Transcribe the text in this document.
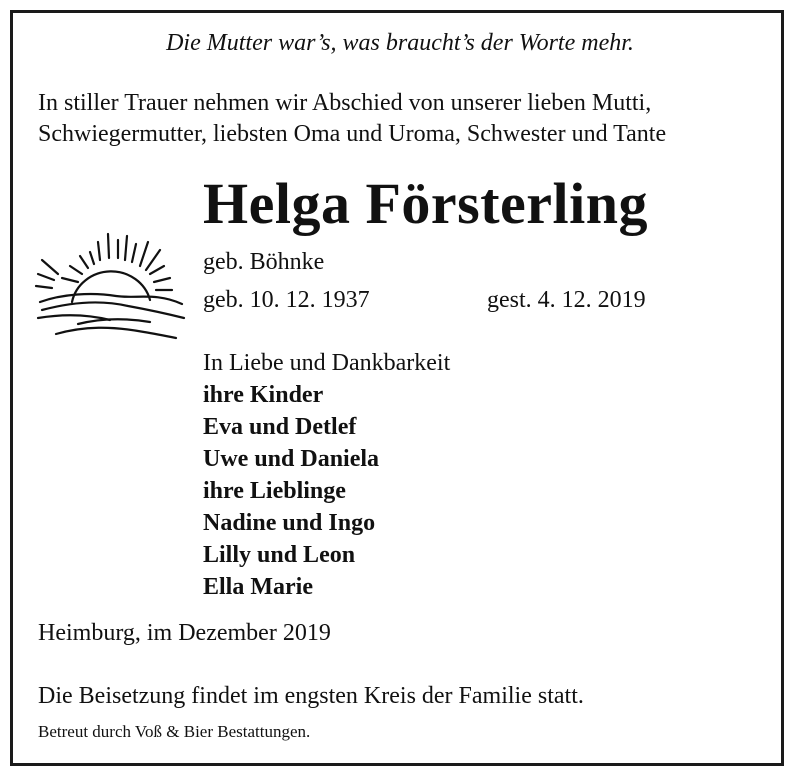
Die Mutter war’s, was braucht’s der Worte mehr.
In stiller Trauer nehmen wir Abschied von unserer lieben Mutti,
Schwiegermutter, liebsten Oma und Uroma, Schwester und Tante
Helga Försterling
geb. Böhnke
geb. 10. 12. 1937	gest. 4. 12. 2019
In Liebe und Dankbarkeit
ihre Kinder
Eva und Detlef
Uwe und Daniela
ihre Lieblinge
Nadine und Ingo
Lilly und Leon
Ella Marie
Heimburg, im Dezember 2019
Die Beisetzung findet im engsten Kreis der Familie statt.
Betreut durch Voß & Bier Bestattungen.
